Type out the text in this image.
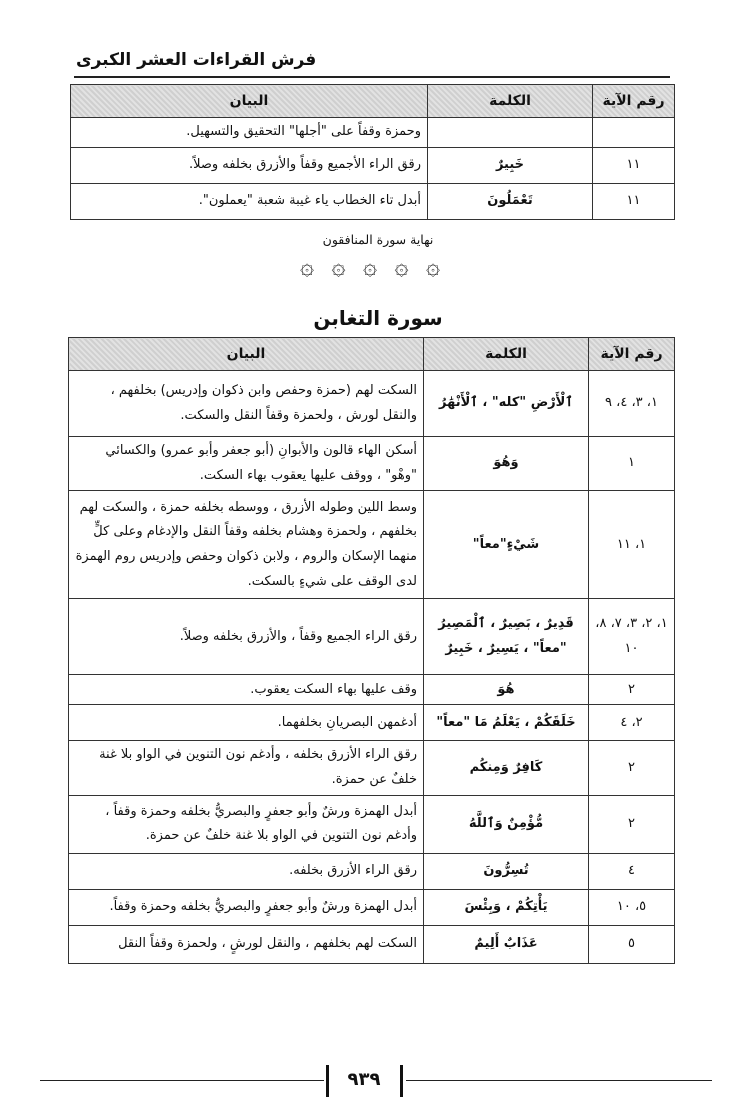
فرش القراءات العشر الكبرى
رقم الآية	الكلمة	البيان
		وحمزة وقفاً على "أجلها" التحقيق والتسهيل.
١١	خَبِيرٌ	رقق الراء الأجميع وقفاً والأزرق بخلفه وصلاً.
١١	تَعْمَلُونَ	أبدل تاء الخطاب ياء غيبة شعبة "يعملون".
نهاية سورة المنافقون
۞
۞
۞
۞
۞
سورة التغابن
رقم الآية	الكلمة	البيان
١، ٣، ٤، ٩	ٱلْأَرْضِ "كله" ، ٱلْأَنْهَٰرُ	السكت لهم (حمزة وحفص وابن ذكوان وإدريس) بخلفهم ، والنقل لورش ، ولحمزة وقفاً النقل والسكت.
١	وَهُوَ	أسكن الهاء قالون والأبوانِ (أبو جعفر وأبو عمرو) والكسائي "وهْو" ، ووقف عليها يعقوب بهاء السكت.
١، ١١	شَيْءٍ"معاً"	وسط اللين وطوله الأزرق ، ووسطه بخلفه حمزة ، والسكت لهم بخلفهم ، ولحمزة وهشام بخلفه وقفاً النقل والإدغام وعلى كلٍّ منهما الإسكان والروم ، ولابن ذكوان وحفص وإدريس روم الهمزة لدى الوقف على شيءٍ بالسكت.
١، ٢، ٣، ٧، ٨، ١٠	قَدِيرٌ ، بَصِيرٌ ، ٱلْمَصِيرُ "معاً" ، يَسِيرٌ ، خَبِيرٌ	رقق الراء الجميع وقفاً ، والأزرق بخلفه وصلاً.
٢	هُوَ	وقف عليها بهاء السكت يعقوب.
٢، ٤	خَلَقَكُمْ ، يَعْلَمُ مَا "معاً"	أدغمهن البصريانِ بخلفهما.
٢	كَافِرٌ وَمِنكُم	رقق الراء الأزرق بخلفه ، وأدغم نون التنوين في الواو بلا غنة خلفٌ عن حمزة.
٢	مُّؤْمِنٌ وَٱللَّهُ	أبدل الهمزة ورشٌ وأبو جعفرٍ والبصريُّ بخلفه وحمزة وقفاً ، وأدغم نون التنوين في الواو بلا غنة خلفٌ عن حمزة.
٤	تُسِرُّونَ	رقق الراء الأزرق بخلفه.
٥، ١٠	يَأْتِكُمْ ، وَبِئْسَ	أبدل الهمزة ورشٌ وأبو جعفرٍ والبصريُّ بخلفه وحمزة وقفاً.
٥	عَذَابٌ أَلِيمٌ	السكت لهم بخلفهم ، والنقل لورشٍ ، ولحمزة وقفاً النقل
٩٣٩
